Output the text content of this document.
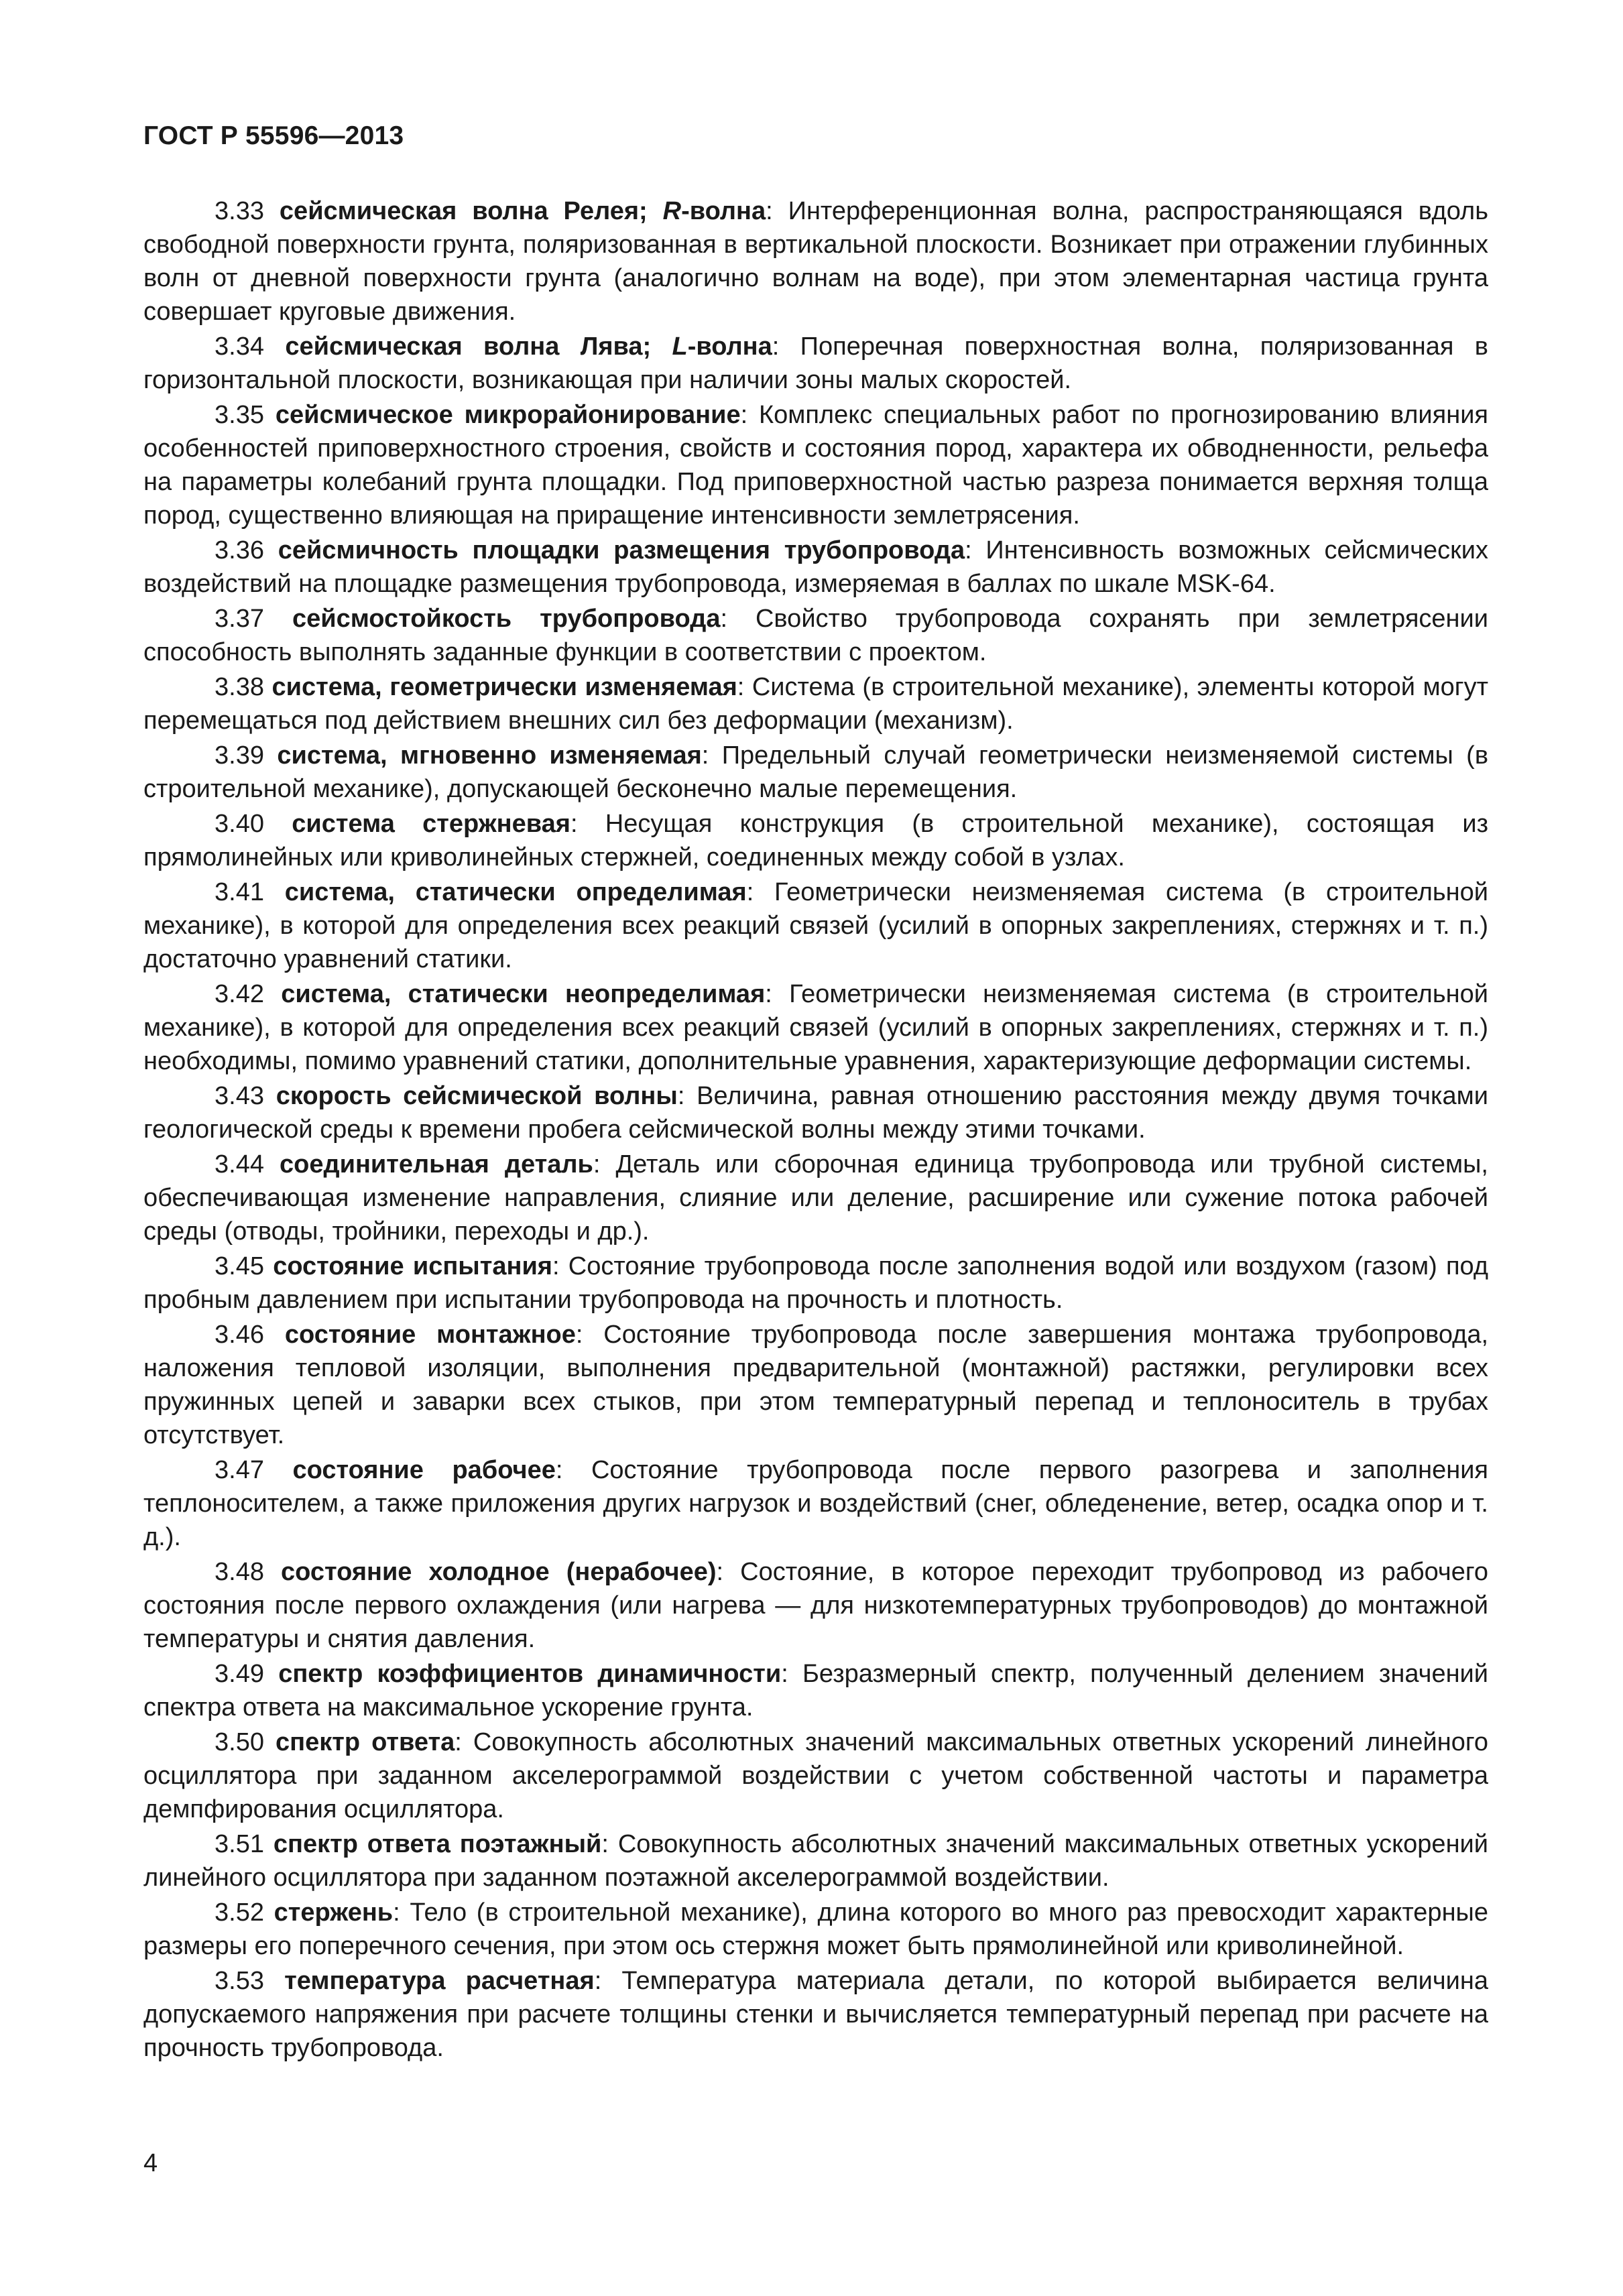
ГОСТ Р 55596—2013

3.33 сейсмическая волна Релея; R-волна: Интерференционная волна, распространяющаяся вдоль свободной поверхности грунта, поляризованная в вертикальной плоскости. Возникает при отражении глубинных волн от дневной поверхности грунта (аналогично волнам на воде), при этом элементарная частица грунта совершает круговые движения.

3.34 сейсмическая волна Лява; L-волна: Поперечная поверхностная волна, поляризованная в горизонтальной плоскости, возникающая при наличии зоны малых скоростей.

3.35 сейсмическое микрорайонирование: Комплекс специальных работ по прогнозированию влияния особенностей приповерхностного строения, свойств и состояния пород, характера их обводненности, рельефа на параметры колебаний грунта площадки. Под приповерхностной частью разреза понимается верхняя толща пород, существенно влияющая на приращение интенсивности землетрясения.

3.36 сейсмичность площадки размещения трубопровода: Интенсивность возможных сейсмических воздействий на площадке размещения трубопровода, измеряемая в баллах по шкале MSK-64.

3.37 сейсмостойкость трубопровода: Свойство трубопровода сохранять при землетрясении способность выполнять заданные функции в соответствии с проектом.

3.38 система, геометрически изменяемая: Система (в строительной механике), элементы которой могут перемещаться под действием внешних сил без деформации (механизм).

3.39 система, мгновенно изменяемая: Предельный случай геометрически неизменяемой системы (в строительной механике), допускающей бесконечно малые перемещения.

3.40 система стержневая: Несущая конструкция (в строительной механике), состоящая из прямолинейных или криволинейных стержней, соединенных между собой в узлах.

3.41 система, статически определимая: Геометрически неизменяемая система (в строительной механике), в которой для определения всех реакций связей (усилий в опорных закреплениях, стержнях и т. п.) достаточно уравнений статики.

3.42 система, статически неопределимая: Геометрически неизменяемая система (в строительной механике), в которой для определения всех реакций связей (усилий в опорных закреплениях, стержнях и т. п.) необходимы, помимо уравнений статики, дополнительные уравнения, характеризующие деформации системы.

3.43 скорость сейсмической волны: Величина, равная отношению расстояния между двумя точками геологической среды к времени пробега сейсмической волны между этими точками.

3.44 соединительная деталь: Деталь или сборочная единица трубопровода или трубной системы, обеспечивающая изменение направления, слияние или деление, расширение или сужение потока рабочей среды (отводы, тройники, переходы и др.).

3.45 состояние испытания: Состояние трубопровода после заполнения водой или воздухом (газом) под пробным давлением при испытании трубопровода на прочность и плотность.

3.46 состояние монтажное: Состояние трубопровода после завершения монтажа трубопровода, наложения тепловой изоляции, выполнения предварительной (монтажной) растяжки, регулировки всех пружинных цепей и заварки всех стыков, при этом температурный перепад и теплоноситель в трубах отсутствует.

3.47 состояние рабочее: Состояние трубопровода после первого разогрева и заполнения теплоносителем, а также приложения других нагрузок и воздействий (снег, обледенение, ветер, осадка опор и т. д.).

3.48 состояние холодное (нерабочее): Состояние, в которое переходит трубопровод из рабочего состояния после первого охлаждения (или нагрева — для низкотемпературных трубопроводов) до монтажной температуры и снятия давления.

3.49 спектр коэффициентов динамичности: Безразмерный спектр, полученный делением значений спектра ответа на максимальное ускорение грунта.

3.50 спектр ответа: Совокупность абсолютных значений максимальных ответных ускорений линейного осциллятора при заданном акселерограммой воздействии с учетом собственной частоты и параметра демпфирования осциллятора.

3.51 спектр ответа поэтажный: Совокупность абсолютных значений максимальных ответных ускорений линейного осциллятора при заданном поэтажной акселерограммой воздействии.

3.52 стержень: Тело (в строительной механике), длина которого во много раз превосходит характерные размеры его поперечного сечения, при этом ось стержня может быть прямолинейной или криволинейной.

3.53 температура расчетная: Температура материала детали, по которой выбирается величина допускаемого напряжения при расчете толщины стенки и вычисляется температурный перепад при расчете на прочность трубопровода.

4
